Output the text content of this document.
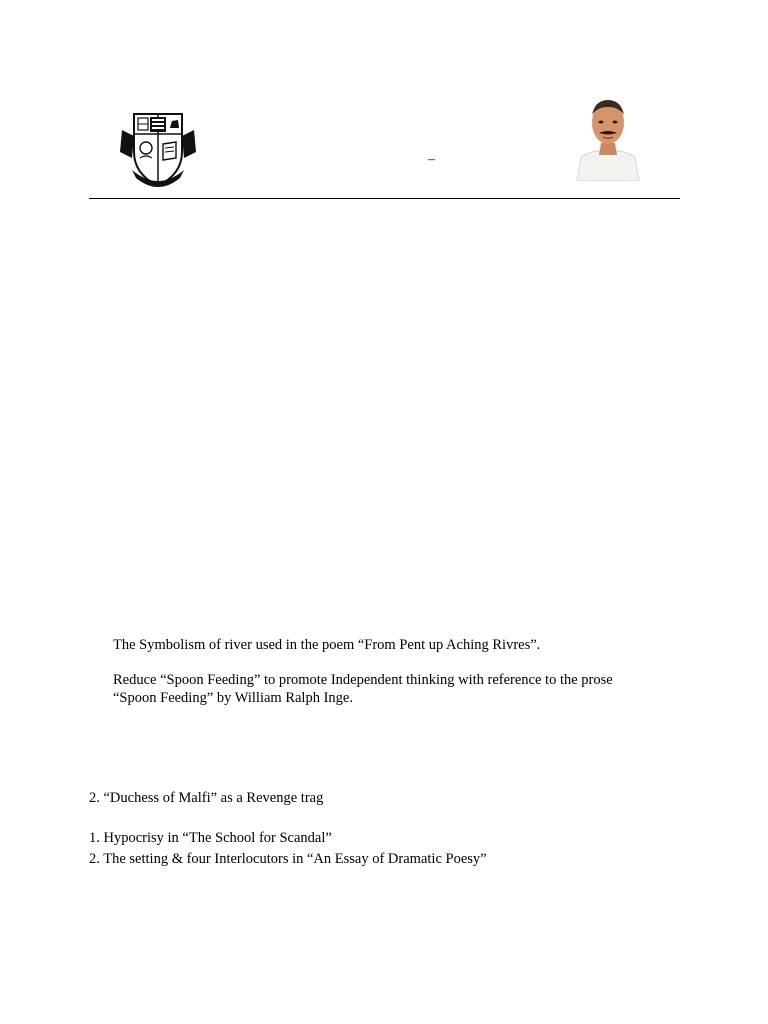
–
The Symbolism of river used in the poem “From Pent up Aching Rivres”.
Reduce “Spoon Feeding” to promote Independent thinking with reference to the prose
“Spoon Feeding” by William Ralph Inge.
2. “Duchess of Malfi” as a Revenge trag
1. Hypocrisy in “The School for Scandal”
2. The setting & four Interlocutors in “An Essay of Dramatic Poesy”
